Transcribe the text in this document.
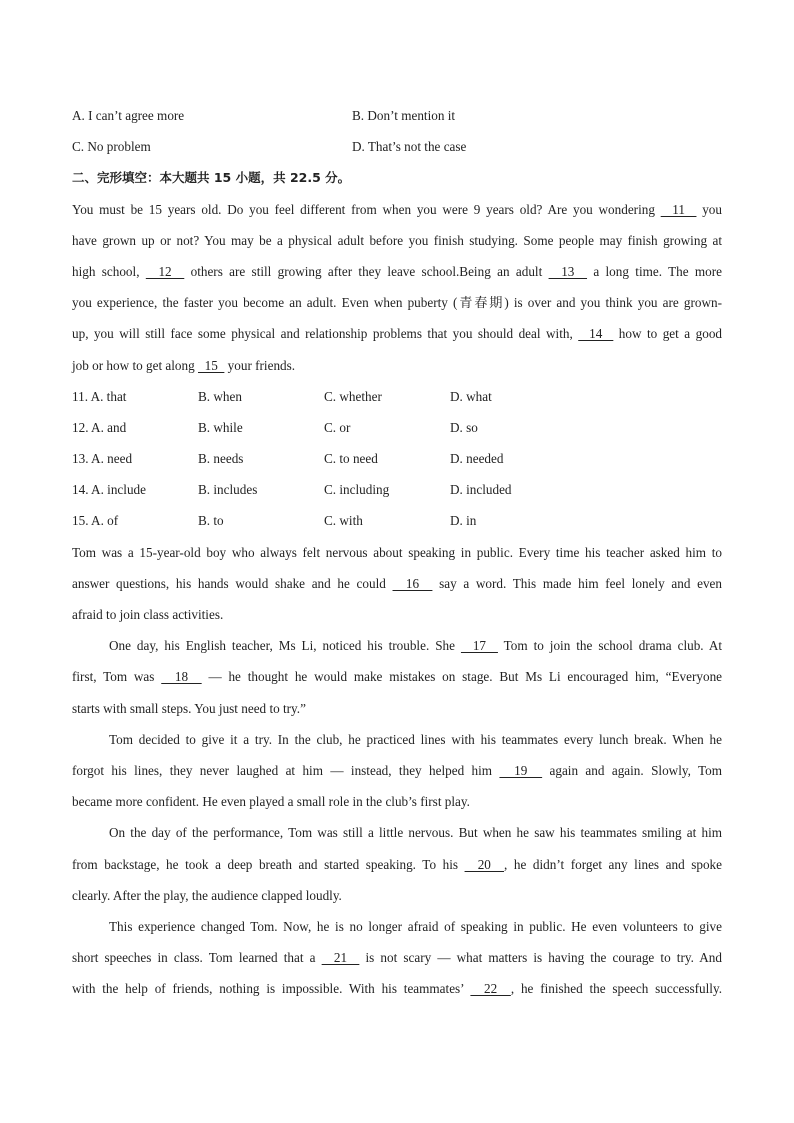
A. I can’t agree more	B. Don’t mention it
C. No problem	D. That’s not the case
二、完形填空：本大题共 15 小题，共 22.5 分。
You must be 15 years old. Do you feel different from when you were 9 years old? Are you wondering   11   you
have grown up or not? You may be a physical adult before you finish studying. Some people may finish growing at
high school,   12   others are still growing after they leave school.Being an adult   13   a long time. The more
you experience, the faster you become an adult. Even when puberty (青春期) is over and you think you are grown-
up, you will still face some physical and relationship problems that you should deal with,   14   how to get a good
job or how to get along   15   your friends.
11. A. that	B. when	C. whether	D. what
12. A. and	B. while	C. or	D. so
13. A. need	B. needs	C. to need	D. needed
14. A. include	B. includes	C. including	D. included
15. A. of	B. to	C. with	D. in
Tom was a 15-year-old boy who always felt nervous about speaking in public. Every time his teacher asked him to
answer questions, his hands would shake and he could   16   say a word. This made him feel lonely and even
afraid to join class activities.
One day, his English teacher, Ms Li, noticed his trouble. She   17   Tom to join the school drama club. At
first, Tom was   18   — he thought he would make mistakes on stage. But Ms Li encouraged him, “Everyone
starts with small steps. You just need to try.”
Tom decided to give it a try. In the club, he practiced lines with his teammates every lunch break. When he
forgot his lines, they never laughed at him — instead, they helped him   19   again and again. Slowly, Tom
became more confident. He even played a small role in the club’s first play.
On the day of the performance, Tom was still a little nervous. But when he saw his teammates smiling at him
from backstage, he took a deep breath and started speaking. To his   20  , he didn’t forget any lines and spoke
clearly. After the play, the audience clapped loudly.
This experience changed Tom. Now, he is no longer afraid of speaking in public. He even volunteers to give
short speeches in class. Tom learned that a   21   is not scary — what matters is having the courage to try. And
with the help of friends, nothing is impossible. With his teammates’   22  , he finished the speech successfully.
